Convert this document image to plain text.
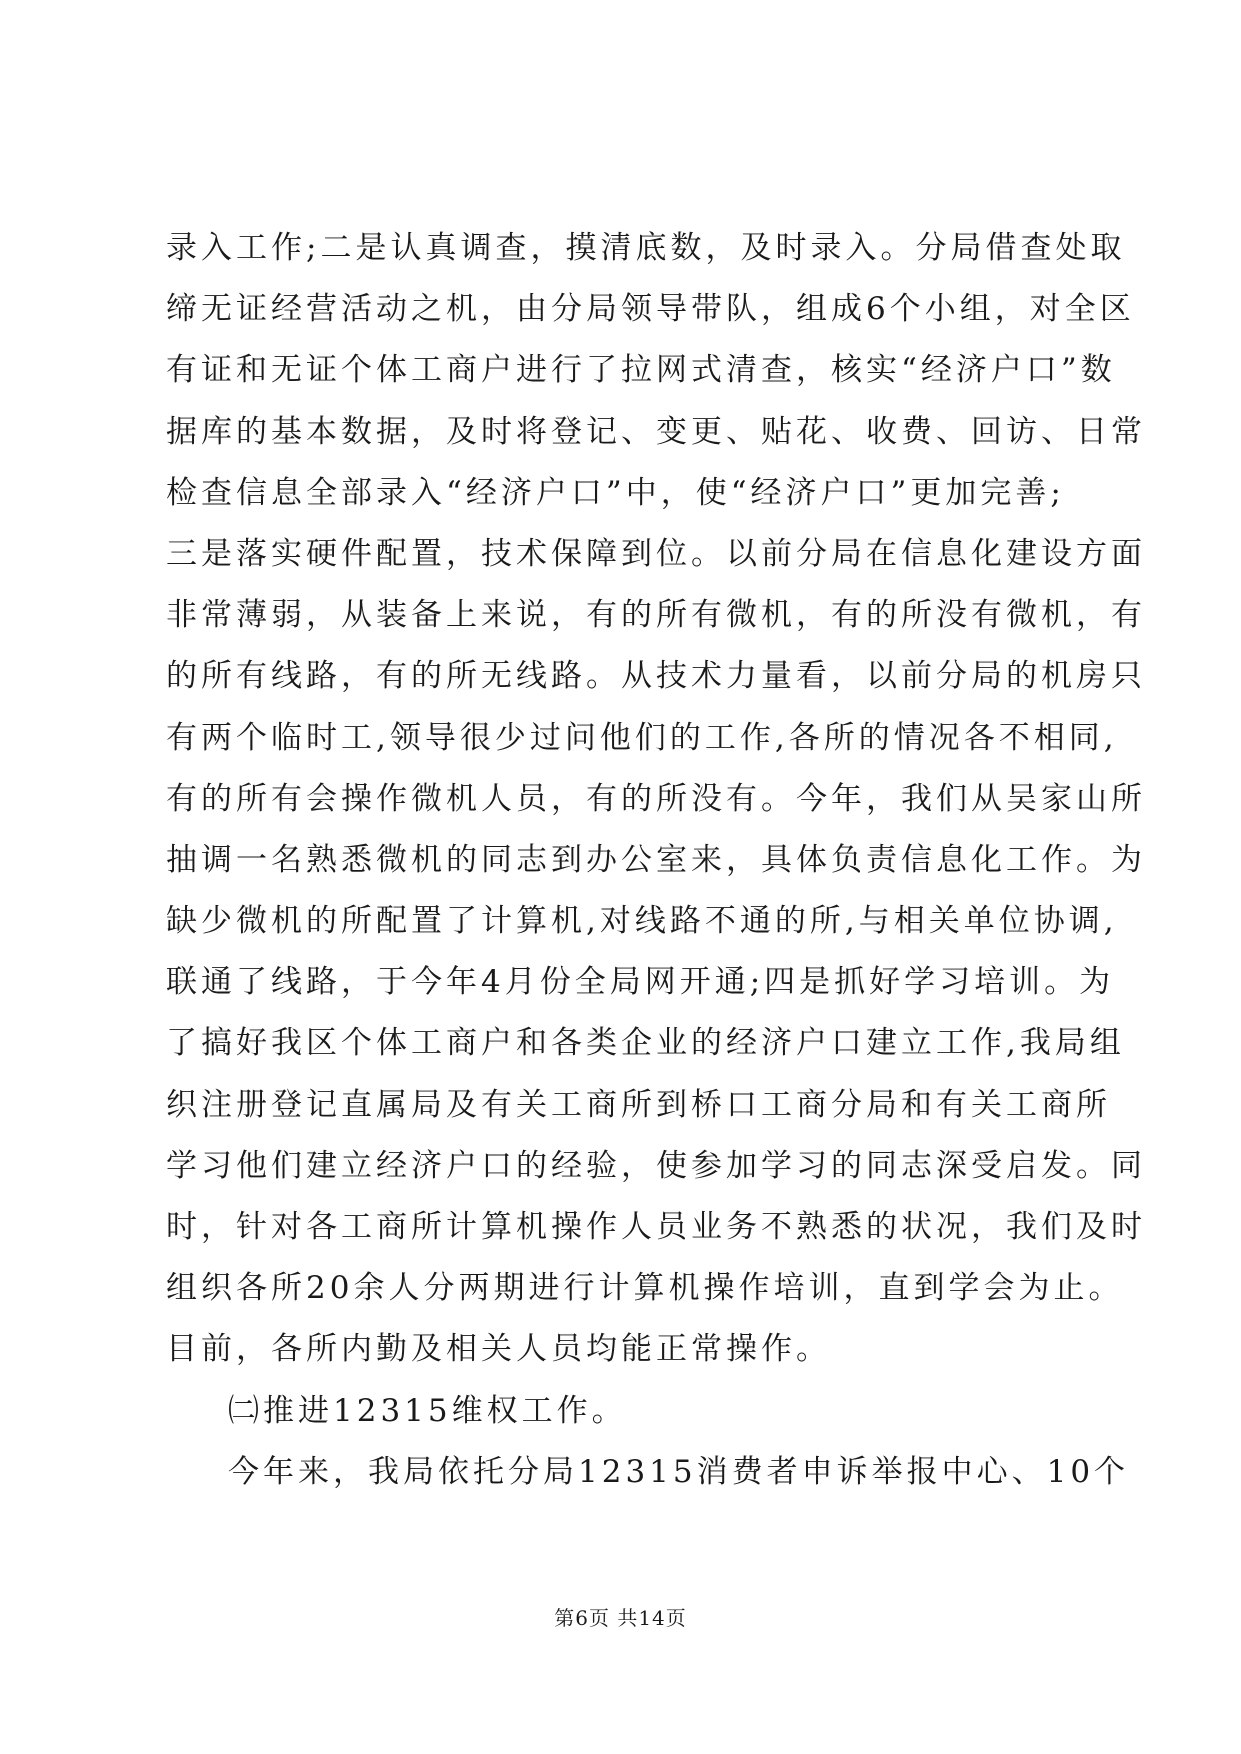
录入工作;二是认真调查，摸清底数，及时录入。分局借查处取
缔无证经营活动之机，由分局领导带队，组成6个小组，对全区
有证和无证个体工商户进行了拉网式清查，核实“经济户口”数
据库的基本数据，及时将登记、变更、贴花、收费、回访、日常
检查信息全部录入“经济户口”中，使“经济户口”更加完善;
三是落实硬件配置，技术保障到位。以前分局在信息化建设方面
非常薄弱，从装备上来说，有的所有微机，有的所没有微机，有
的所有线路，有的所无线路。从技术力量看，以前分局的机房只
有两个临时工,领导很少过问他们的工作,各所的情况各不相同,
有的所有会操作微机人员，有的所没有。今年，我们从吴家山所
抽调一名熟悉微机的同志到办公室来，具体负责信息化工作。为
缺少微机的所配置了计算机,对线路不通的所,与相关单位协调,
联通了线路，于今年4月份全局网开通;四是抓好学习培训。为
了搞好我区个体工商户和各类企业的经济户口建立工作,我局组
织注册登记直属局及有关工商所到桥口工商分局和有关工商所
学习他们建立经济户口的经验，使参加学习的同志深受启发。同
时，针对各工商所计算机操作人员业务不熟悉的状况，我们及时
组织各所20余人分两期进行计算机操作培训，直到学会为止。
目前，各所内勤及相关人员均能正常操作。
㈡推进12315维权工作。
今年来，我局依托分局12315消费者申诉举报中心、10个
第6页 共14页
